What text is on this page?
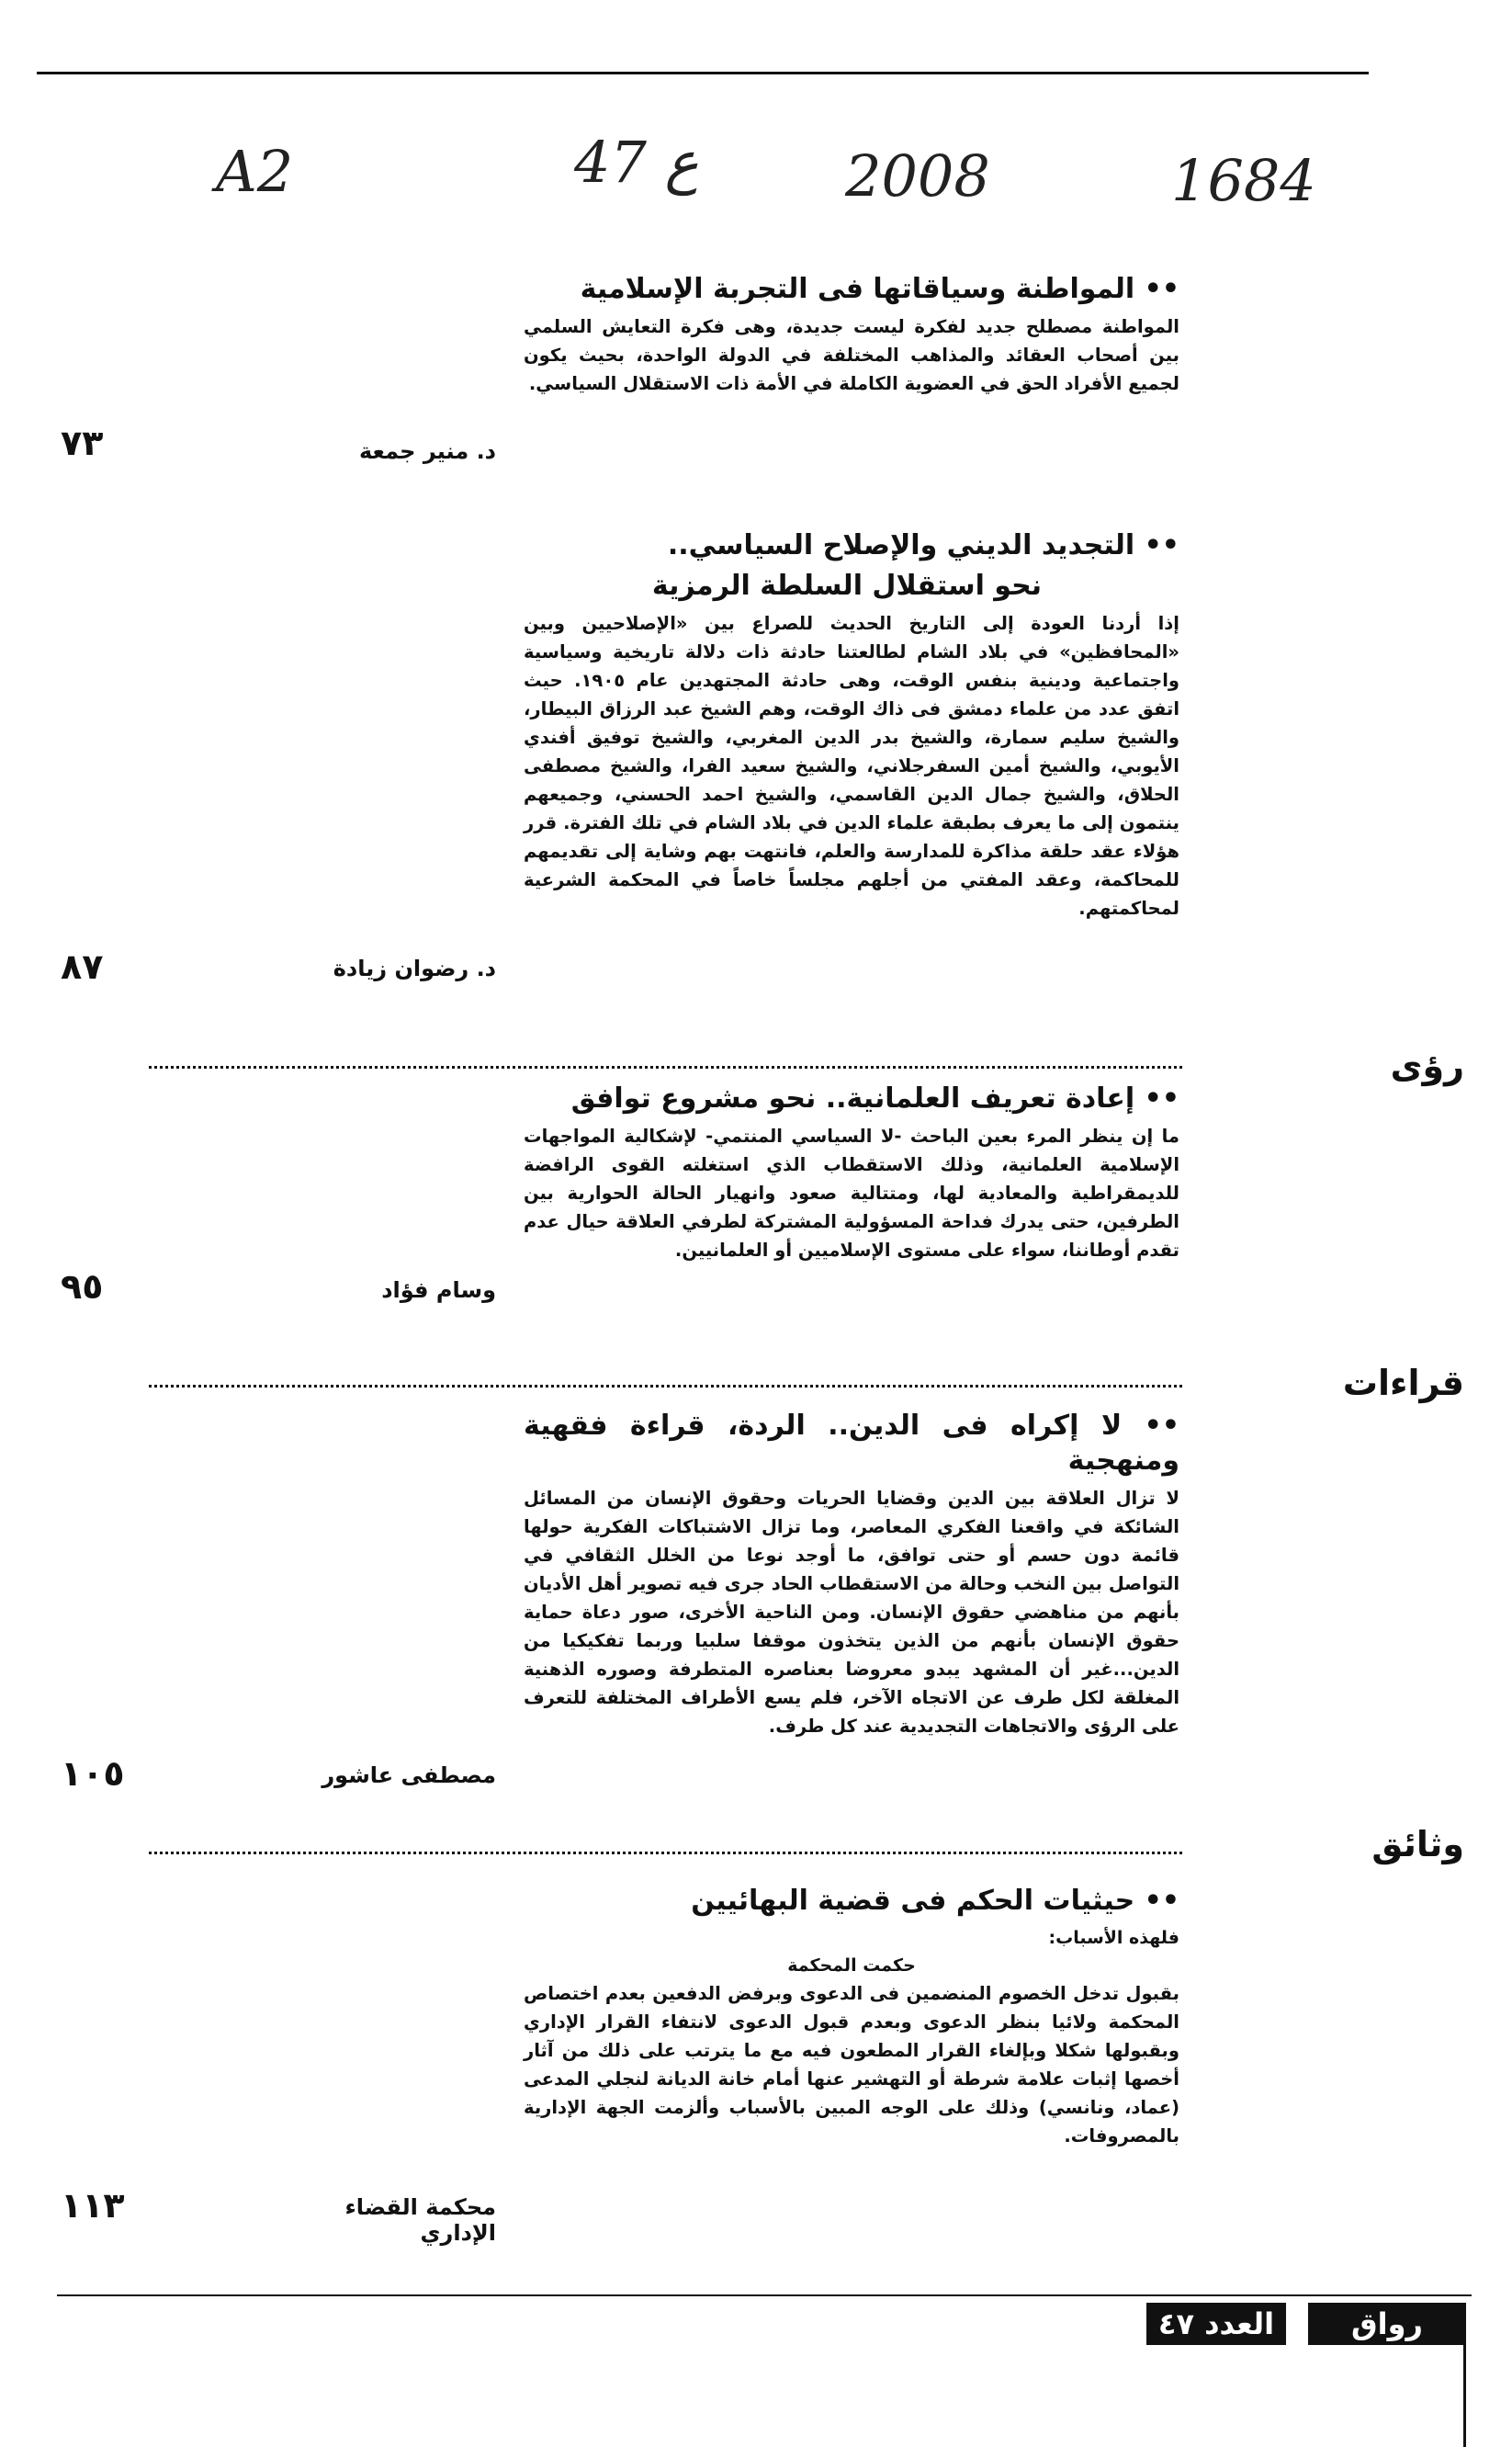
A2	47 ع	2008	1684
•• المواطنة وسياقاتها فى التجربة الإسلامية

المواطنة مصطلح جديد لفكرة ليست جديدة، وهى فكرة التعايش السلمي بين أصحاب العقائد والمذاهب المختلفة في الدولة الواحدة، بحيث يكون لجميع الأفراد الحق في العضوية الكاملة في الأمة ذات الاستقلال السياسي.

د. منير جمعة
٧٣
•• التجديد الديني والإصلاح السياسي..
نحو استقلال السلطة الرمزية

إذا أردنا العودة إلى التاريخ الحديث للصراع بين «الإصلاحيين وبين «المحافظين» في بلاد الشام لطالعتنا حادثة ذات دلالة تاريخية وسياسية واجتماعية ودينية بنفس الوقت، وهى حادثة المجتهدين عام ١٩٠٥. حيث اتفق عدد من علماء دمشق فى ذاك الوقت، وهم الشيخ عبد الرزاق البيطار، والشيخ سليم سمارة، والشيخ بدر الدين المغربي، والشيخ توفيق أفندي الأيوبي، والشيخ أمين السفرجلاني، والشيخ سعيد الفرا، والشيخ مصطفى الحلاق، والشيخ جمال الدين القاسمي، والشيخ احمد الحسني، وجميعهم ينتمون إلى ما يعرف بطبقة علماء الدين في بلاد الشام في تلك الفترة. قرر هؤلاء عقد حلقة مذاكرة للمدارسة والعلم، فانتهت بهم وشاية إلى تقديمهم للمحاكمة، وعقد المفتي من أجلهم مجلساً خاصاً في المحكمة الشرعية لمحاكمتهم.

د. رضوان زيادة
٨٧
رؤى
•• إعادة تعريف العلمانية.. نحو مشروع توافق

ما إن ينظر المرء بعين الباحث -لا السياسي المنتمي- لإشكالية المواجهات الإسلامية العلمانية، وذلك الاستقطاب الذي استغلته القوى الرافضة للديمقراطية والمعادية لها، ومتتالية صعود وانهيار الحالة الحوارية بين الطرفين، حتى يدرك فداحة المسؤولية المشتركة لطرفي العلاقة حيال عدم تقدم أوطاننا، سواء على مستوى الإسلاميين أو العلمانيين.

وسام فؤاد
٩٥
قراءات
•• لا إكراه فى الدين.. الردة، قراءة فقهية ومنهجية

لا تزال العلاقة بين الدين وقضايا الحريات وحقوق الإنسان من المسائل الشائكة في واقعنا الفكري المعاصر، وما تزال الاشتباكات الفكرية حولها قائمة دون حسم أو حتى توافق، ما أوجد نوعا من الخلل الثقافي في التواصل بين النخب وحالة من الاستقطاب الحاد جرى فيه تصوير أهل الأديان بأنهم من مناهضي حقوق الإنسان. ومن الناحية الأخرى، صور دعاة حماية حقوق الإنسان بأنهم من الذين يتخذون موقفا سلبيا وربما تفكيكيا من الدين...غير أن المشهد يبدو معروضا بعناصره المتطرفة وصوره الذهنية المغلقة لكل طرف عن الاتجاه الآخر، فلم يسع الأطراف المختلفة للتعرف على الرؤى والاتجاهات التجديدية عند كل طرف.

مصطفى عاشور
١٠٥
وثائق
•• حيثيات الحكم فى قضية البهائيين

فلهذه الأسباب:

حكمت المحكمة

بقبول تدخل الخصوم المنضمين فى الدعوى وبرفض الدفعين بعدم اختصاص المحكمة ولائيا بنظر الدعوى وبعدم قبول الدعوى لانتفاء القرار الإداري وبقبولها شكلا وبإلغاء القرار المطعون فيه مع ما يترتب على ذلك من آثار أخصها إثبات علامة شرطة أو التهشير عنها أمام خانة الديانة لنجلي المدعى (عماد، ونانسي) وذلك على الوجه المبين بالأسباب وألزمت الجهة الإدارية بالمصروفات.

محكمة القضاء الإداري
١١٣
العدد ٤٧	رواق عربي
